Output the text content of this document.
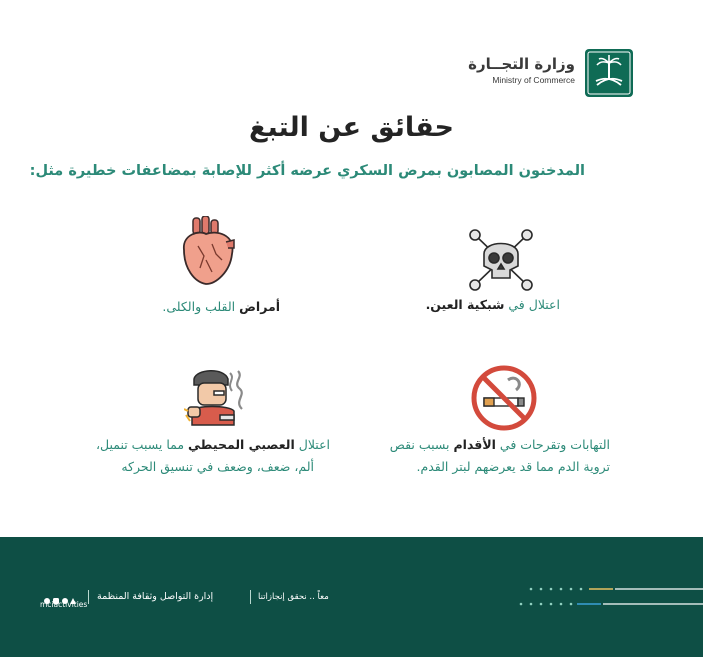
وزارة التجــارة
Ministry of Commerce
حقائق عن التبغ
المدخنون المصابون بمرض السكري عرضه أكثر للإصابة بمضاعفات خطيرة مثل:
أمراض القلب والكلى.	اعتلال في شبكية العين.
اعتلال العصبي المحيطي مما يسبب تنميل،
ألم، ضعف، وضعف في تنسيق الحركه
التهابات وتقرحات في الأقدام بسبب نقص
تروية الدم مما قد يعرضهم لبتر القدم.
mciactivities
إدارة التواصل وثقافة المنظمة	معاً .. نحقق إنجازاتنا
